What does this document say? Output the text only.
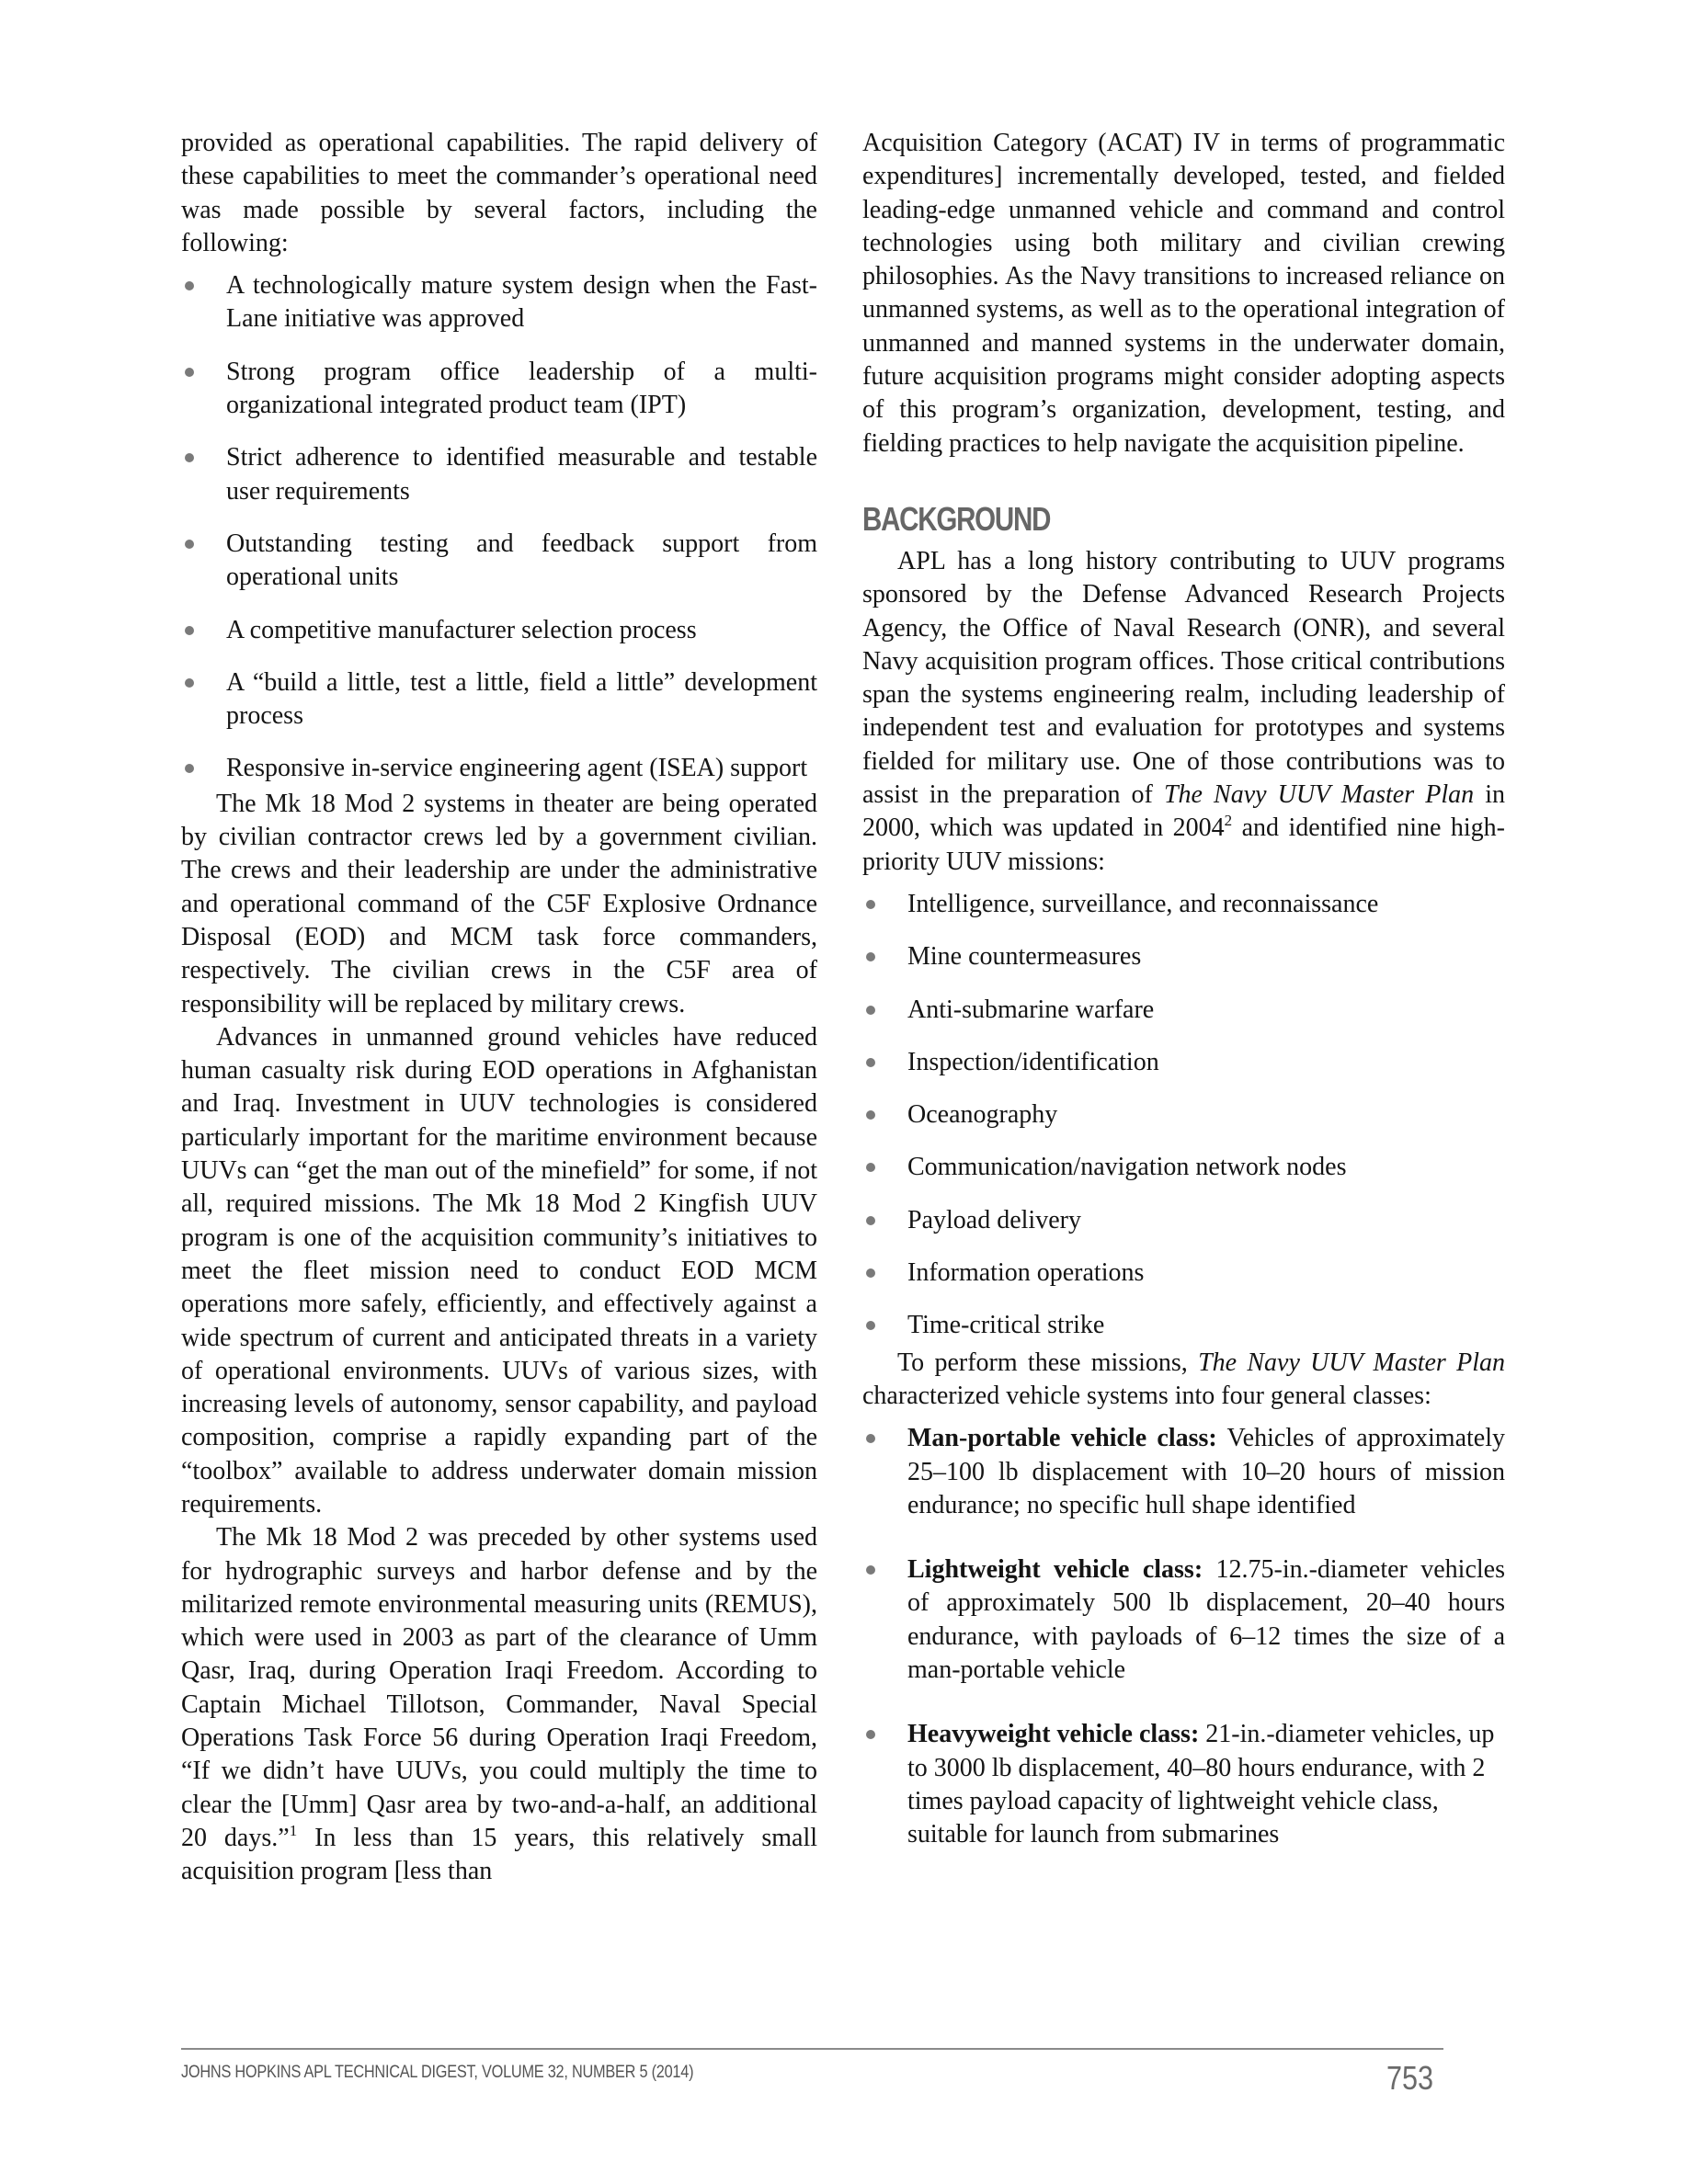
provided as operational capabilities. The rapid delivery of these capabilities to meet the commander’s operational need was made possible by several factors, including the following:

A technologically mature system design when the Fast-Lane initiative was approved
Strong program office leadership of a multi-organizational integrated product team (IPT)
Strict adherence to identified measurable and testable user requirements
Outstanding testing and feedback support from operational units
A competitive manufacturer selection process
A “build a little, test a little, field a little” development process
Responsive in-service engineering agent (ISEA) support

The Mk 18 Mod 2 systems in theater are being operated by civilian contractor crews led by a government civilian. The crews and their leadership are under the administrative and operational command of the C5F Explosive Ordnance Disposal (EOD) and MCM task force commanders, respectively. The civilian crews in the C5F area of responsibility will be replaced by military crews.

Advances in unmanned ground vehicles have reduced human casualty risk during EOD operations in Afghanistan and Iraq. Investment in UUV technologies is considered particularly important for the maritime environment because UUVs can “get the man out of the minefield” for some, if not all, required missions. The Mk 18 Mod 2 Kingfish UUV program is one of the acquisition community’s initiatives to meet the fleet mission need to conduct EOD MCM operations more safely, efficiently, and effectively against a wide spectrum of current and anticipated threats in a variety of operational environments. UUVs of various sizes, with increasing levels of autonomy, sensor capability, and payload composition, comprise a rapidly expanding part of the “toolbox” available to address underwater domain mission requirements.

The Mk 18 Mod 2 was preceded by other systems used for hydrographic surveys and harbor defense and by the militarized remote environmental measuring units (REMUS), which were used in 2003 as part of the clearance of Umm Qasr, Iraq, during Operation Iraqi Freedom. According to Captain Michael Tillotson, Commander, Naval Special Operations Task Force 56 during Operation Iraqi Freedom, “If we didn’t have UUVs, you could multiply the time to clear the [Umm] Qasr area by two-and-a-half, an additional 20 days.”$^1$ In less than 15 years, this relatively small acquisition program [less than

Acquisition Category (ACAT) IV in terms of programmatic expenditures] incrementally developed, tested, and fielded leading-edge unmanned vehicle and command and control technologies using both military and civilian crewing philosophies. As the Navy transitions to increased reliance on unmanned systems, as well as to the operational integration of unmanned and manned systems in the underwater domain, future acquisition programs might consider adopting aspects of this program’s organization, development, testing, and fielding practices to help navigate the acquisition pipeline.

BACKGROUND

APL has a long history contributing to UUV programs sponsored by the Defense Advanced Research Projects Agency, the Office of Naval Research (ONR), and several Navy acquisition program offices. Those critical contributions span the systems engineering realm, including leadership of independent test and evaluation for prototypes and systems fielded for military use. One of those contributions was to assist in the preparation of The Navy UUV Master Plan in 2000, which was updated in 2004$^2$ and identified nine high-priority UUV missions:

Intelligence, surveillance, and reconnaissance
Mine countermeasures
Anti-submarine warfare
Inspection/identification
Oceanography
Communication/navigation network nodes
Payload delivery
Information operations
Time-critical strike

To perform these missions, The Navy UUV Master Plan characterized vehicle systems into four general classes:

Man-portable vehicle class: Vehicles of approximately 25–100 lb displacement with 10–20 hours of mission endurance; no specific hull shape identified
Lightweight vehicle class: 12.75-in.-diameter vehicles of approximately 500 lb displacement, 20–40 hours endurance, with payloads of 6–12 times the size of a man-portable vehicle
Heavyweight vehicle class: 21-in.-diameter vehicles, up to 3000 lb displacement, 40–80 hours endurance, with 2 times payload capacity of lightweight vehicle class, suitable for launch from submarines
JOHNS HOPKINS APL TECHNICAL DIGEST, VOLUME 32, NUMBER 5 (2014)	753
